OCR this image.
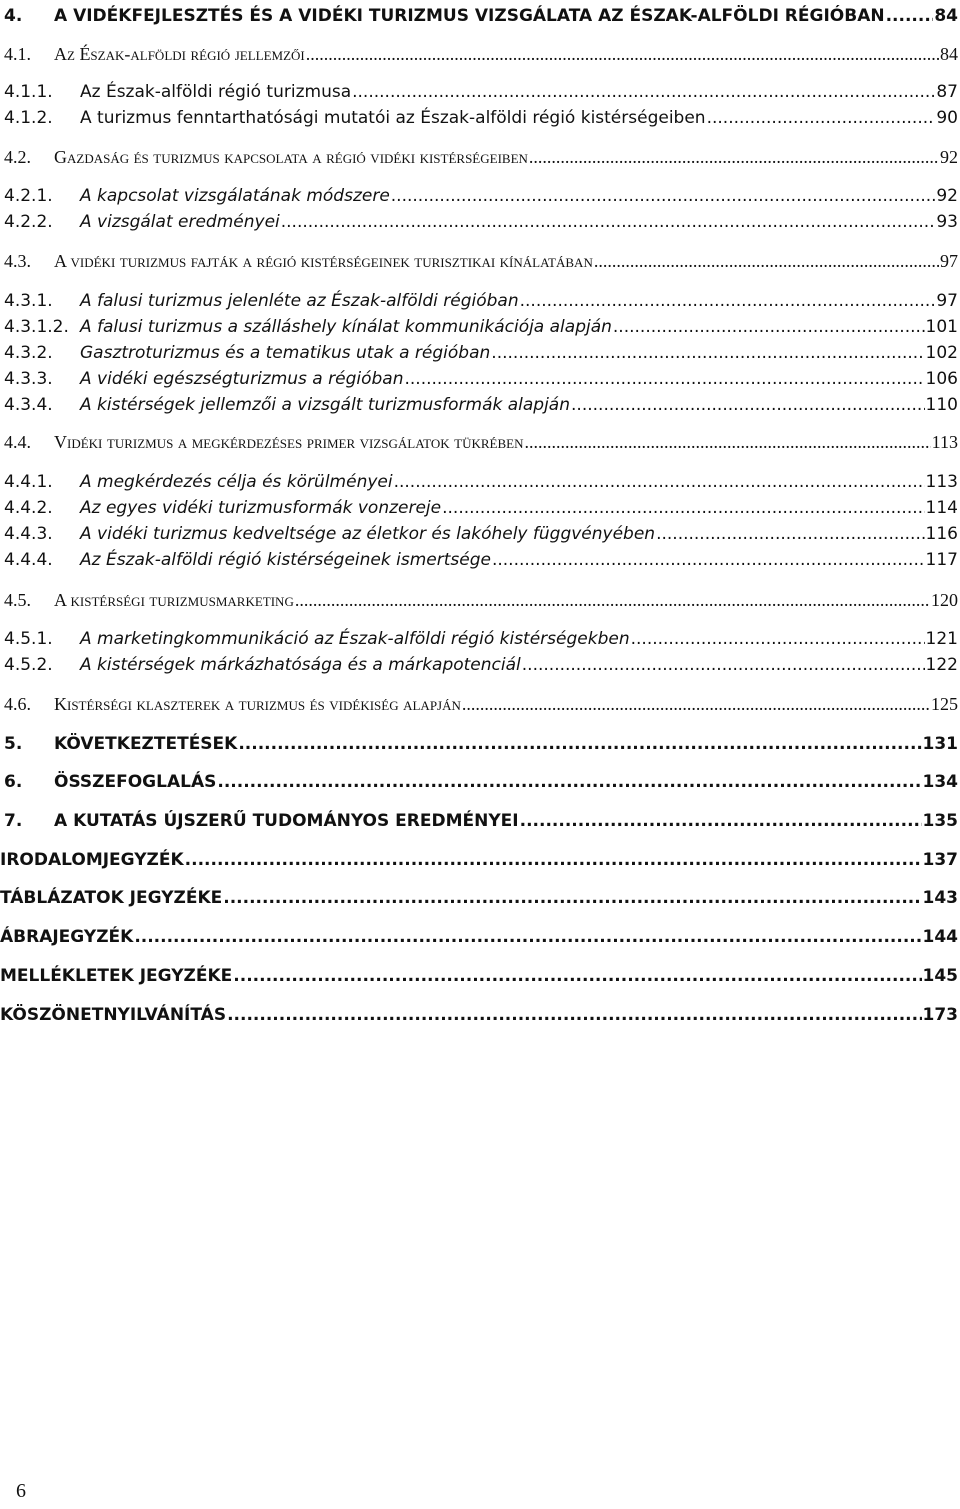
4.	A VIDÉKFEJLESZTÉS ÉS A VIDÉKI TURIZMUS VIZSGÁLATA AZ ÉSZAK-ALFÖLDI RÉGIÓBAN .....	84
4.1.	Az Észak-alföldi régió jellemzői .....	84
4.1.1.	Az Észak-alföldi régió turizmusa .....	87
4.1.2.	A turizmus fenntarthatósági mutatói az Észak-alföldi régió kistérségeiben .....	90
4.2.	Gazdaság és turizmus kapcsolata a régió vidéki kistérségeiben .....	92
4.2.1.	A kapcsolat vizsgálatának módszere .....	92
4.2.2.	A vizsgálat eredményei .....	93
4.3.	A vidéki turizmus fajták a régió kistérségeinek turisztikai kínálatában .....	97
4.3.1.	A falusi turizmus jelenléte az Észak-alföldi régióban .....	97
4.3.1.2. A falusi turizmus a szálláshely kínálat kommunikációja alapján .....	101
4.3.2.	Gasztroturizmus és a tematikus utak a régióban .....	102
4.3.3.	A vidéki egészségturizmus a régióban .....	106
4.3.4.	A kistérségek jellemzői a vizsgált turizmusformák alapján .....	110
4.4.	Vidéki turizmus a megkérdezéses primer vizsgálatok tükrében .....	113
4.4.1.	A megkérdezés célja és körülményei .....	113
4.4.2.	Az egyes vidéki turizmusformák vonzereje .....	114
4.4.3.	A vidéki turizmus kedveltsége az életkor és lakóhely függvényében .....	116
4.4.4.	Az Észak-alföldi régió kistérségeinek ismertsége .....	117
4.5.	A kistérségi turizmusmarketing .....	120
4.5.1.	A marketingkommunikáció az Észak-alföldi régió kistérségekben .....	121
4.5.2.	A kistérségek márkázhatósága és a márkapotenciál .....	122
4.6.	Kistérségi klaszterek a turizmus és vidékiség alapján .....	125
5.	KÖVETKEZTETÉSEK .....	131
6.	ÖSSZEFOGLALÁS .....	134
7.	A KUTATÁS ÚJSZERŰ TUDOMÁNYOS EREDMÉNYEI .....	135
IRODALOMJEGYZÉK .....	137
TÁBLÁZATOK JEGYZÉKE .....	143
ÁBRAJEGYZÉK .....	144
MELLÉKLETEK JEGYZÉKE .....	145
KÖSZÖNETNYILVÁNÍTÁS .....	173
6
